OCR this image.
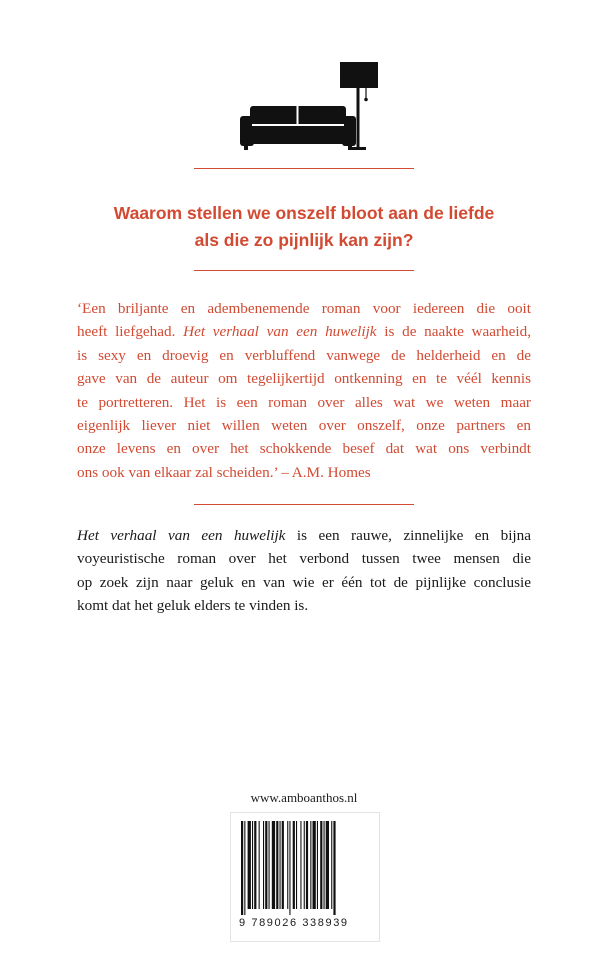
Waarom stellen we onszelf bloot aan de liefde
als die zo pijnlijk kan zijn?
‘Een briljante en adembenemende roman voor iedereen die ooit
heeft liefgehad. Het verhaal van een huwelijk is de naakte waarheid,
is sexy en droevig en verbluffend vanwege de helderheid en de
gave van de auteur om tegelijkertijd ontkenning en te véél kennis
te portretteren. Het is een roman over alles wat we weten maar
eigenlijk liever niet willen weten over onszelf, onze partners en
onze levens en over het schokkende besef dat wat ons verbindt
ons ook van elkaar zal scheiden.’ – A.M. Homes
Het verhaal van een huwelijk is een rauwe, zinnelijke en bijna
voyeuristische roman over het verbond tussen twee mensen die
op zoek zijn naar geluk en van wie er één tot de pijnlijke conclusie
komt dat het geluk elders te vinden is.
www.amboanthos.nl
9 789026 338939
